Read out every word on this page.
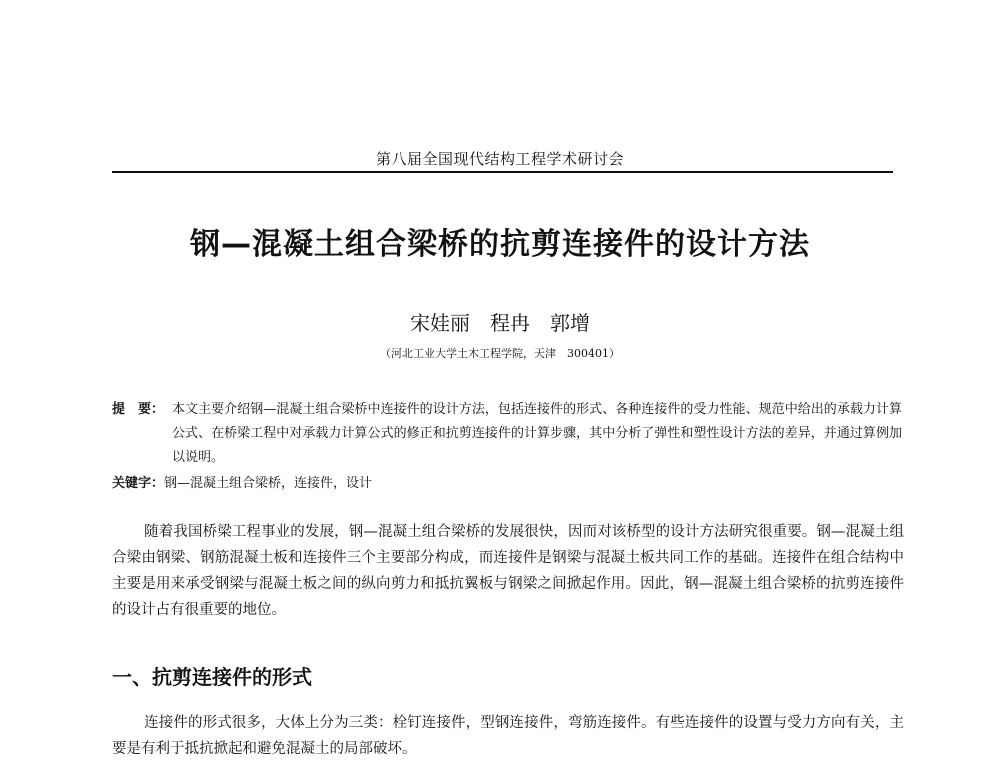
第八届全国现代结构工程学术研讨会
钢—混凝土组合梁桥的抗剪连接件的设计方法
宋娃丽　程冉　郭增
（河北工业大学土木工程学院，天津　300401）
提　要： 本文主要介绍钢—混凝土组合梁桥中连接件的设计方法，包括连接件的形式、各种连接件的受力性能、规范中给出的承载力计算公式、在桥梁工程中对承载力计算公式的修正和抗剪连接件的计算步骤，其中分析了弹性和塑性设计方法的差异，并通过算例加以说明。
关键字：钢—混凝土组合梁桥，连接件，设计
随着我国桥梁工程事业的发展，钢—混凝土组合梁桥的发展很快，因而对该桥型的设计方法研究很重要。钢—混凝土组合梁由钢梁、钢筋混凝土板和连接件三个主要部分构成，而连接件是钢梁与混凝土板共同工作的基础。连接件在组合结构中主要是用来承受钢梁与混凝土板之间的纵向剪力和抵抗翼板与钢梁之间掀起作用。因此，钢—混凝土组合梁桥的抗剪连接件的设计占有很重要的地位。
一、抗剪连接件的形式
连接件的形式很多，大体上分为三类：栓钉连接件，型钢连接件，弯筋连接件。有些连接件的设置与受力方向有关，主要是有利于抵抗掀起和避免混凝土的局部破坏。
